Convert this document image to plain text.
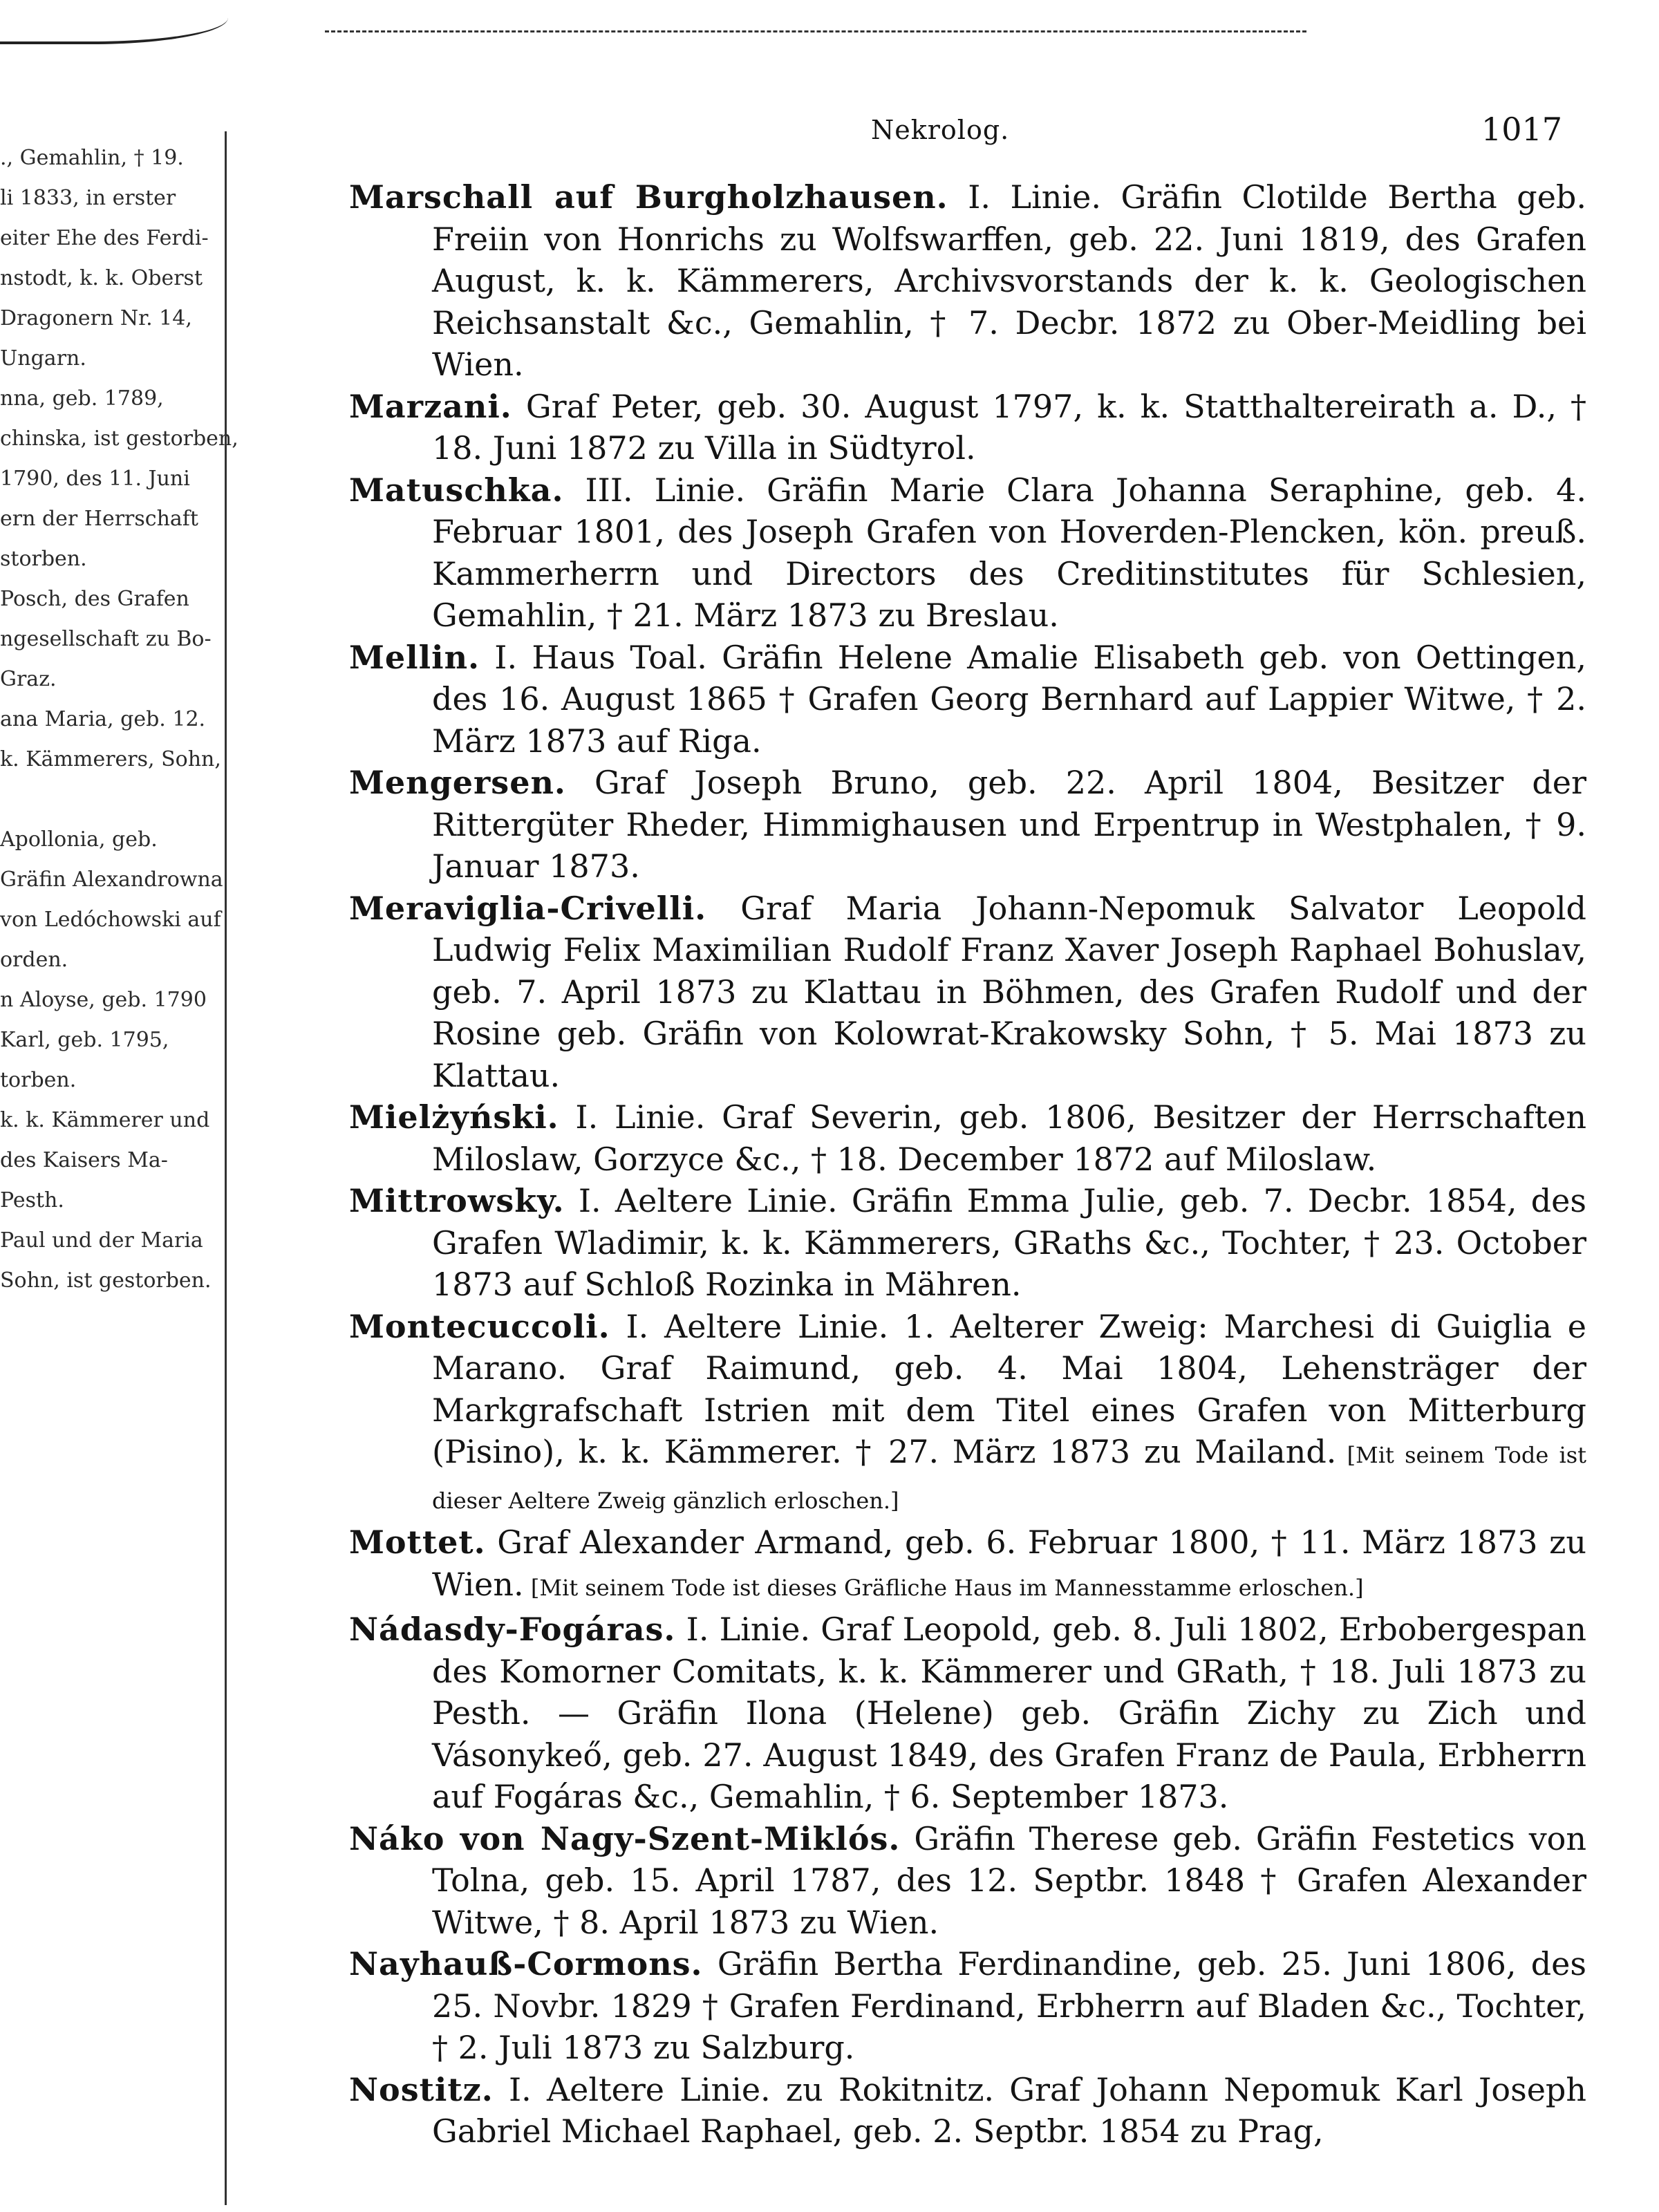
., Gemahlin, † 19.
li 1833, in erster
eiter Ehe des Ferdi-
nstodt, k. k. Oberst
Dragonern Nr. 14,
Ungarn.
nna, geb. 1789,
chinska, ist gestorben,
1790, des 11. Juni
ern der Herrschaft
storben.
Posch, des Grafen
ngesellschaft zu Bo-
Graz.
ana Maria, geb. 12.
k. Kämmerers, Sohn,

Apollonia, geb.
Gräfin Alexandrowna
von Ledóchowski auf
orden.
n Aloyse, geb. 1790
Karl, geb. 1795,
torben.
k. k. Kämmerer und
des Kaisers Ma-
Pesth.
Paul und der Maria
Sohn, ist gestorben.
Nekrolog.	1017
Marschall auf Burgholzhausen. I. Linie. Gräfin Clotilde Bertha geb. Freiin von Honrichs zu Wolfswarffen, geb. 22. Juni 1819, des Grafen August, k. k. Kämmerers, Archivsvorstands der k. k. Geologischen Reichsanstalt &c., Gemahlin, † 7. Decbr. 1872 zu Ober-Meidling bei Wien.
Marzani. Graf Peter, geb. 30. August 1797, k. k. Statthaltereirath a. D., † 18. Juni 1872 zu Villa in Südtyrol.
Matuschka. III. Linie. Gräfin Marie Clara Johanna Seraphine, geb. 4. Februar 1801, des Joseph Grafen von Hoverden-Plencken, kön. preuß. Kammerherrn und Directors des Creditinstitutes für Schlesien, Gemahlin, † 21. März 1873 zu Breslau.
Mellin. I. Haus Toal. Gräfin Helene Amalie Elisabeth geb. von Oettingen, des 16. August 1865 † Grafen Georg Bernhard auf Lappier Witwe, † 2. März 1873 auf Riga.
Mengersen. Graf Joseph Bruno, geb. 22. April 1804, Besitzer der Rittergüter Rheder, Himmighausen und Erpentrup in Westphalen, † 9. Januar 1873.
Meraviglia-Crivelli. Graf Maria Johann-Nepomuk Salvator Leopold Ludwig Felix Maximilian Rudolf Franz Xaver Joseph Raphael Bohuslav, geb. 7. April 1873 zu Klattau in Böhmen, des Grafen Rudolf und der Rosine geb. Gräfin von Kolowrat-Krakowsky Sohn, † 5. Mai 1873 zu Klattau.
Mielżyński. I. Linie. Graf Severin, geb. 1806, Besitzer der Herrschaften Miloslaw, Gorzyce &c., † 18. December 1872 auf Miloslaw.
Mittrowsky. I. Aeltere Linie. Gräfin Emma Julie, geb. 7. Decbr. 1854, des Grafen Wladimir, k. k. Kämmerers, GRaths &c., Tochter, † 23. October 1873 auf Schloß Rozinka in Mähren.
Montecuccoli. I. Aeltere Linie. 1. Aelterer Zweig: Marchesi di Guiglia e Marano. Graf Raimund, geb. 4. Mai 1804, Lehensträger der Markgrafschaft Istrien mit dem Titel eines Grafen von Mitterburg (Pisino), k. k. Kämmerer. † 27. März 1873 zu Mailand. [Mit seinem Tode ist dieser Aeltere Zweig gänzlich erloschen.]
Mottet. Graf Alexander Armand, geb. 6. Februar 1800, † 11. März 1873 zu Wien. [Mit seinem Tode ist dieses Gräfliche Haus im Mannesstamme erloschen.]
Nádasdy-Fogáras. I. Linie. Graf Leopold, geb. 8. Juli 1802, Erbobergespan des Komorner Comitats, k. k. Kämmerer und GRath, † 18. Juli 1873 zu Pesth. — Gräfin Ilona (Helene) geb. Gräfin Zichy zu Zich und Vásonykeő, geb. 27. August 1849, des Grafen Franz de Paula, Erbherrn auf Fogáras &c., Gemahlin, † 6. September 1873.
Náko von Nagy-Szent-Miklós. Gräfin Therese geb. Gräfin Festetics von Tolna, geb. 15. April 1787, des 12. Septbr. 1848 † Grafen Alexander Witwe, † 8. April 1873 zu Wien.
Nayhauß-Cormons. Gräfin Bertha Ferdinandine, geb. 25. Juni 1806, des 25. Novbr. 1829 † Grafen Ferdinand, Erbherrn auf Bladen &c., Tochter, † 2. Juli 1873 zu Salzburg.
Nostitz. I. Aeltere Linie. zu Rokitnitz. Graf Johann Nepomuk Karl Joseph Gabriel Michael Raphael, geb. 2. Septbr. 1854 zu Prag,
